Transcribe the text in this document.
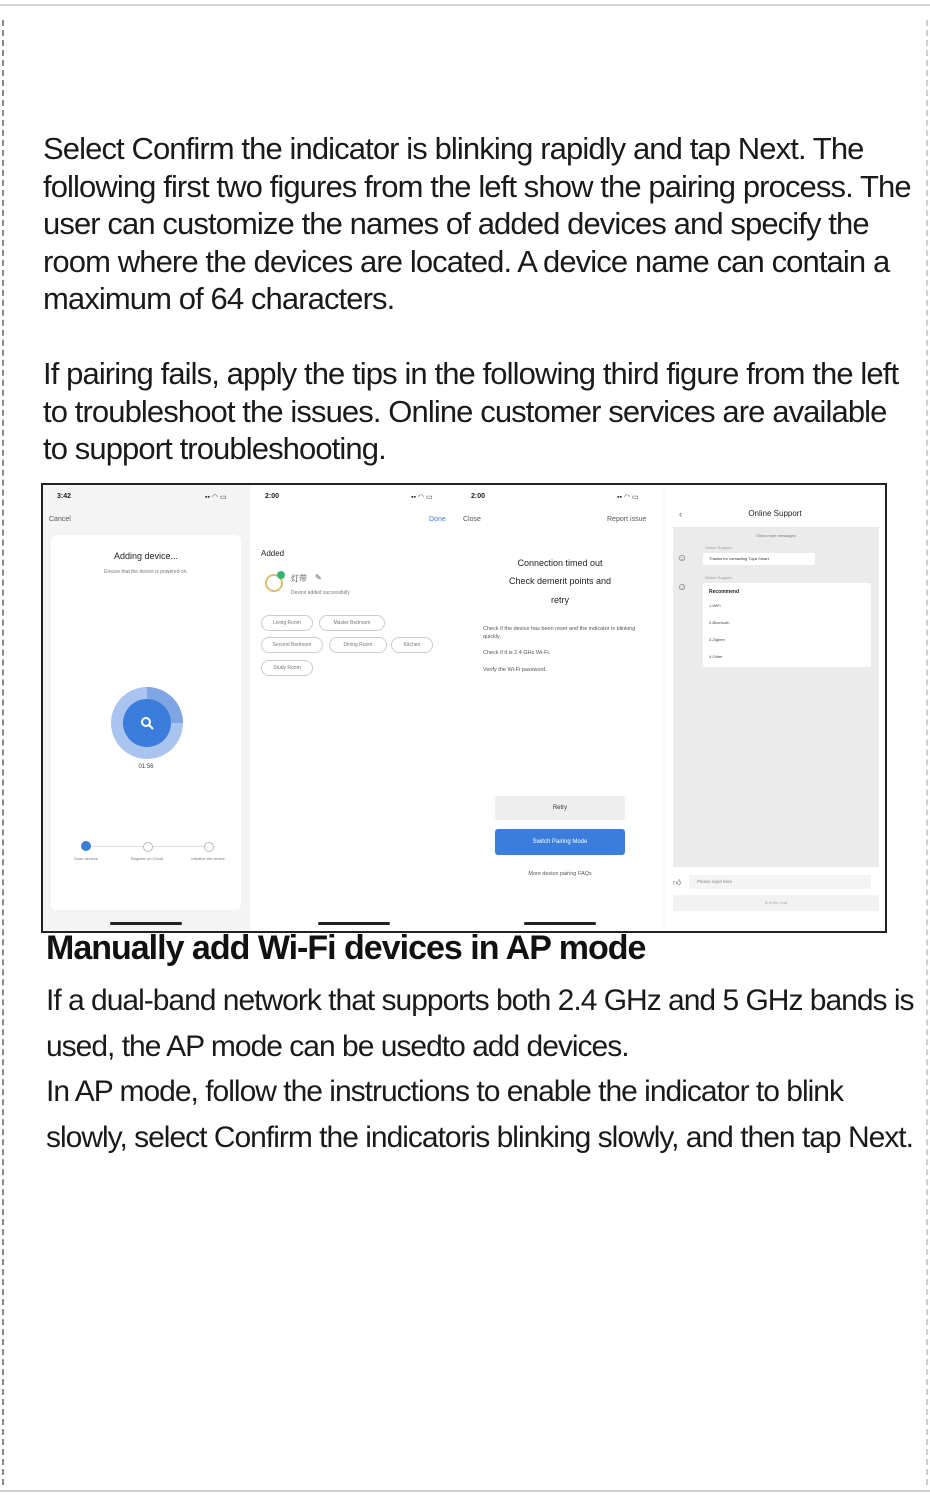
Select Confirm the indicator is blinking rapidly and tap Next. The following first two figures from the left show the pairing process. The user can customize the names of added devices and specify the room where the devices are located. A device name can contain a maximum of 64 characters.

If pairing fails, apply the tips in the following third figure from the left to troubleshoot the issues. Online customer services are available to support troubleshooting.

3:42	▪▪ ◠ ▭
Cancel
Adding device...
Ensure that the device is powered on.
01:56
Scan devices	Register on Cloud	Initialize the device
2:00	▪▪ ◠ ▭
Done
Added
灯带 ✎
Device added successfully
Living Room	Master Bedroom
Second Bedroom	Dining Room	Kitchen
Study Room
2:00	▪▪ ◠ ▭
Close	Report issue
Connection timed out
Check demerit points and
retry
Check if the device has been reset and the indicator is blinking quickly.
Check if it is 2.4 GHz Wi-Fi.
Verify the Wi-Fi password.
Retry
Switch Pairing Mode
More device pairing FAQs
‹	Online Support
Show more messages
☺
Online Support
Thanks for contacting Tuya Smart
☺
Online Support
Recommend
1-WiFi
2-Bluetooth
3-Zigbee
4-Other
👍︎	Please input here
End the chat
Manually add Wi-Fi devices in AP mode

If a dual-band network that supports both 2.4 GHz and 5 GHz bands is used, the AP mode can be usedto add devices.

In AP mode, follow the instructions to enable the indicator to blink slowly, select Confirm the indicatoris blinking slowly, and then tap Next.
